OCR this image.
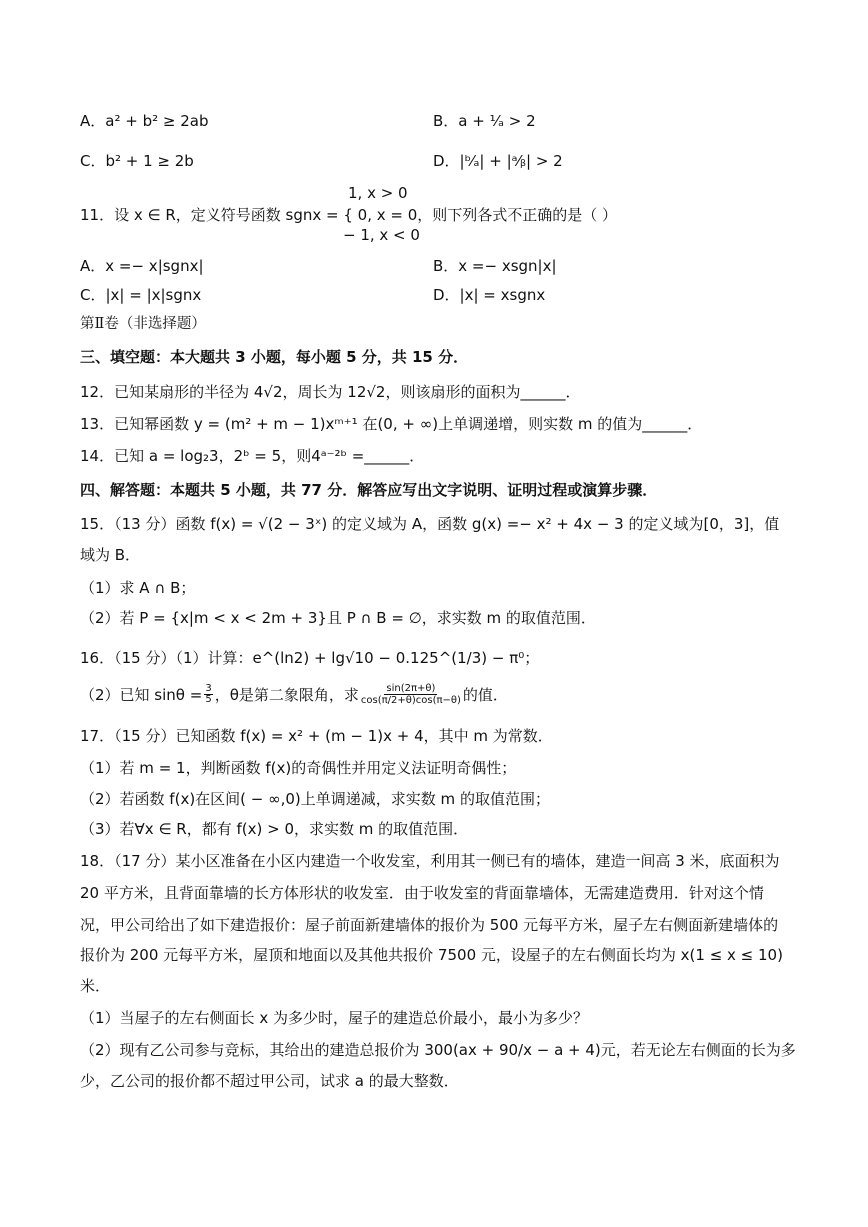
A．a² + b² ≥ 2ab	B．a + ¹⁄ₐ > 2
C．b² + 1 ≥ 2b	D．|ᵇ⁄ₐ| + |ᵃ⁄ᵦ| > 2
1, x > 0
11．设 x ∈ R，定义符号函数 sgnx = { 0, x = 0，则下列各式不正确的是（ ）
− 1, x < 0
A．x =− x|sgnx|	B．x =− xsgn|x|
C．|x| = |x|sgnx	D．|x| = xsgnx
第Ⅱ卷（非选择题）
三、填空题：本大题共 3 小题，每小题 5 分，共 15 分．
12．已知某扇形的半径为 4√2，周长为 12√2，则该扇形的面积为______．
13．已知幂函数 y = (m² + m − 1)xᵐ⁺¹ 在(0, + ∞)上单调递增，则实数 m 的值为______．
14．已知 a = log₂3，2ᵇ = 5，则4ᵃ⁻²ᵇ =______．
四、解答题：本题共 5 小题，共 77 分．解答应写出文字说明、证明过程或演算步骤．
15．（13 分）函数 f(x) = √(2 − 3ˣ) 的定义域为 A，函数 g(x) =− x² + 4x − 3 的定义域为[0，3]，值
域为 B．
（1）求 A ∩ B；
（2）若 P = {x|m < x < 2m + 3}且 P ∩ B = ∅，求实数 m 的取值范围．
16．（15 分）（1）计算：e^(ln2) + lg√10 − 0.125^(1/3) − π⁰；
（2）已知 $\sin\theta = \frac{3}{5}$ ，θ是第二象限角，求 $\frac{\sin(2\pi+\theta)}{\cos(\pi/2+\theta)\cos(\pi-\theta)}$ 的值．
17．（15 分）已知函数 f(x) = x² + (m − 1)x + 4，其中 m 为常数．
（1）若 m = 1，判断函数 f(x)的奇偶性并用定义法证明奇偶性；
（2）若函数 f(x)在区间( − ∞,0)上单调递减，求实数 m 的取值范围；
（3）若∀x ∈ R，都有 f(x) > 0，求实数 m 的取值范围．
18．（17 分）某小区准备在小区内建造一个收发室，利用其一侧已有的墙体，建造一间高 3 米，底面积为
20 平方米，且背面靠墙的长方体形状的收发室．由于收发室的背面靠墙体，无需建造费用．针对这个情
况，甲公司给出了如下建造报价：屋子前面新建墙体的报价为 500 元每平方米，屋子左右侧面新建墙体的
报价为 200 元每平方米，屋顶和地面以及其他共报价 7500 元，设屋子的左右侧面长均为 x(1 ≤ x ≤ 10)
米．
（1）当屋子的左右侧面长 x 为多少时，屋子的建造总价最小，最小为多少？
（2）现有乙公司参与竞标，其给出的建造总报价为 300(ax + 90/x − a + 4)元，若无论左右侧面的长为多
少，乙公司的报价都不超过甲公司，试求 a 的最大整数．
